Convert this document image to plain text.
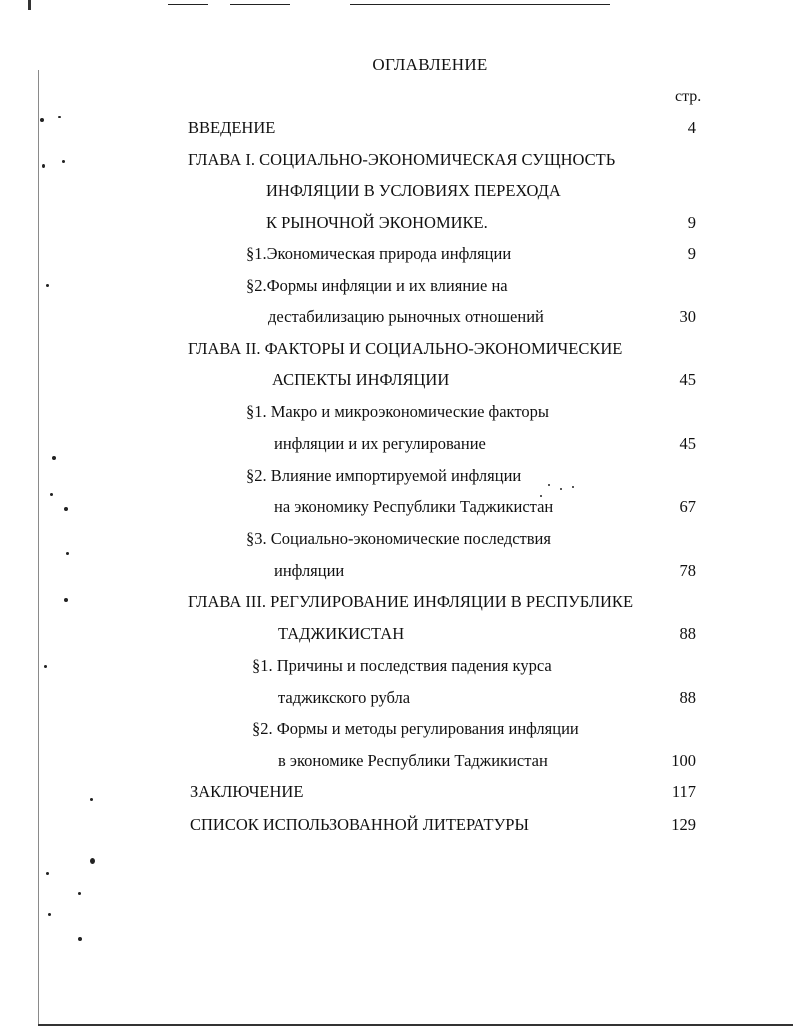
ОГЛАВЛЕНИЕ
стр.
ВВЕДЕНИЕ	4
ГЛАВА I. СОЦИАЛЬНО-ЭКОНОМИЧЕСКАЯ СУЩНОСТЬ
ИНФЛЯЦИИ В УСЛОВИЯХ ПЕРЕХОДА
К РЫНОЧНОЙ ЭКОНОМИКЕ.	9
§1.Экономическая природа инфляции	9
§2.Формы инфляции и их влияние на
дестабилизацию рыночных отношений	30
ГЛАВА II. ФАКТОРЫ И СОЦИАЛЬНО-ЭКОНОМИЧЕСКИЕ
АСПЕКТЫ ИНФЛЯЦИИ	45
§1. Макро и микроэкономические факторы
инфляции и их регулирование	45
§2. Влияние импортируемой инфляции
на экономику Республики Таджикистан	67
§3. Социально-экономические последствия
инфляции	78
ГЛАВА III. РЕГУЛИРОВАНИЕ ИНФЛЯЦИИ В РЕСПУБЛИКЕ
ТАДЖИКИСТАН	88
§1. Причины и последствия падения курса
таджикского рубла	88
§2. Формы и методы регулирования инфляции
в экономике Республики Таджикистан	100
ЗАКЛЮЧЕНИЕ	117
СПИСОК ИСПОЛЬЗОВАННОЙ ЛИТЕРАТУРЫ	129
